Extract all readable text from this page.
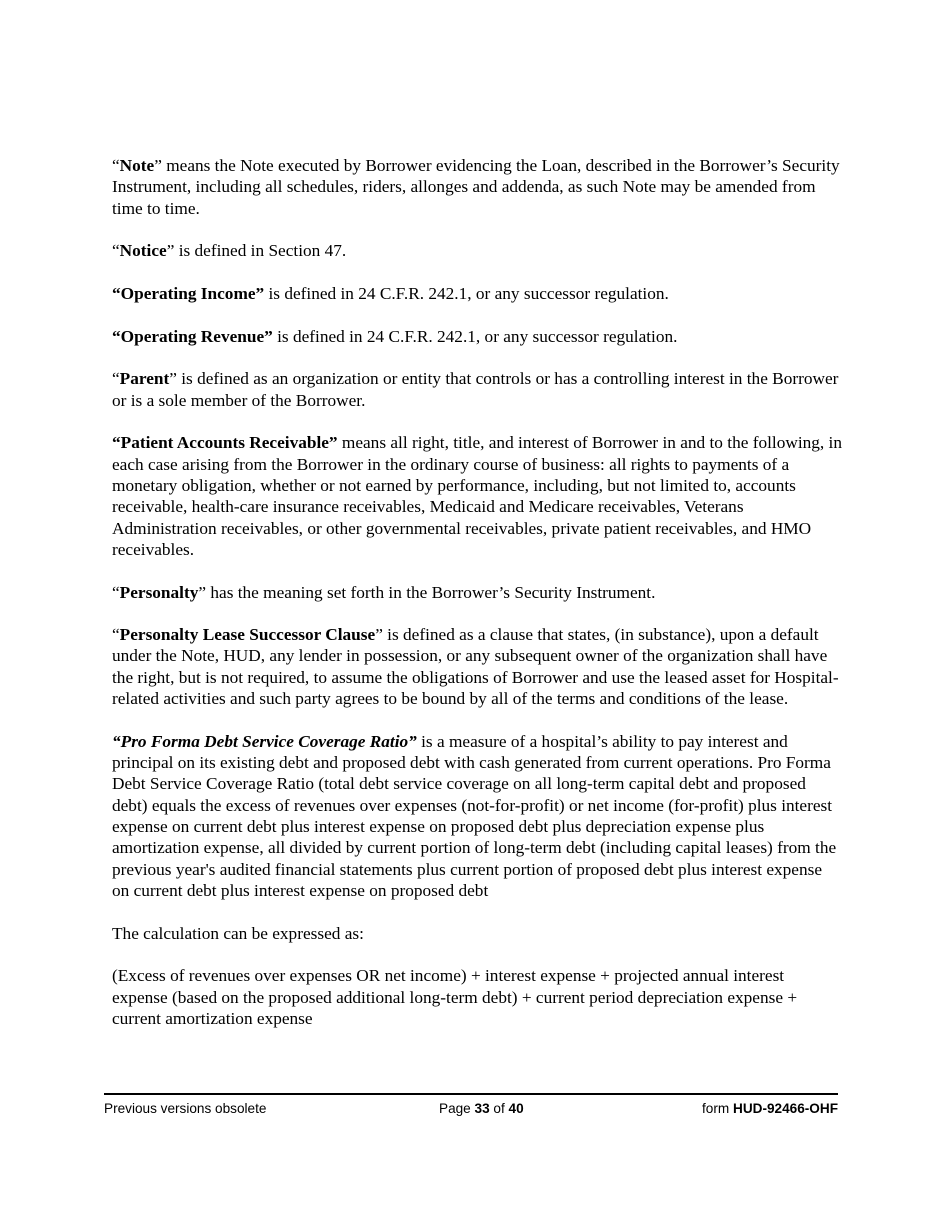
“Note” means the Note executed by Borrower evidencing the Loan, described in the Borrower’s Security Instrument, including all schedules, riders, allonges and addenda, as such Note may be amended from time to time.

“Notice” is defined in Section 47.

“Operating Income” is defined in 24 C.F.R. 242.1, or any successor regulation.

“Operating Revenue” is defined in 24 C.F.R. 242.1, or any successor regulation.

“Parent” is defined as an organization or entity that controls or has a controlling interest in the Borrower or is a sole member of the Borrower.

“Patient Accounts Receivable” means all right, title, and interest of Borrower in and to the following, in each case arising from the Borrower in the ordinary course of business: all rights to payments of a monetary obligation, whether or not earned by performance, including, but not limited to, accounts receivable, health-care insurance receivables, Medicaid and Medicare receivables, Veterans Administration receivables, or other governmental receivables, private patient receivables, and HMO receivables.

“Personalty” has the meaning set forth in the Borrower’s Security Instrument.

“Personalty Lease Successor Clause” is defined as a clause that states, (in substance), upon a default under the Note, HUD, any lender in possession, or any subsequent owner of the organization shall have the right, but is not required, to assume the obligations of Borrower and use the leased asset for Hospital-related activities and such party agrees to be bound by all of the terms and conditions of the lease.

“Pro Forma Debt Service Coverage Ratio” is a measure of a hospital’s ability to pay interest and principal on its existing debt and proposed debt with cash generated from current operations. Pro Forma Debt Service Coverage Ratio (total debt service coverage on all long-term capital debt and proposed debt) equals the excess of revenues over expenses (not-for-profit) or net income (for-profit) plus interest expense on current debt plus interest expense on proposed debt plus depreciation expense plus amortization expense, all divided by current portion of long-term debt (including capital leases) from the previous year's audited financial statements plus current portion of proposed debt plus interest expense on current debt plus interest expense on proposed debt

The calculation can be expressed as:

(Excess of revenues over expenses OR net income) + interest expense + projected annual interest expense (based on the proposed additional long-term debt) + current period depreciation expense + current amortization expense

Previous versions obsolete	Page 33 of 40	form HUD-92466-OHF
